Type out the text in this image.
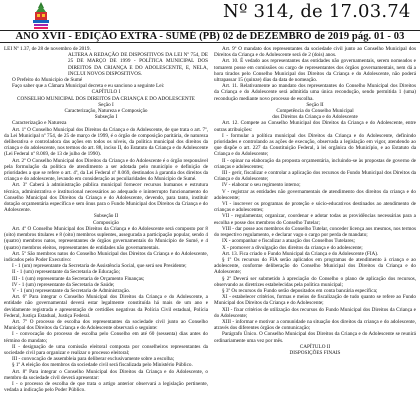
Nº 314, de 17.03.74
ANO XVII - EDIÇÃO EXTRA - SUMÉ (PB) 02 de DEZEMBRO de 2019 pág. 01 - 03

LEI Nº 1.37, de 28 de novembro de 2019.

ALTERA A REDAÇÃO DE DISPOSITIVOS DA LEI Nº 754, DE 25 DE MARÇO DE 1999 - POLÍTICA MUNICIPAL DOS DIREITOS DA CRIANÇA E DO ADOLESCENTE, E, NELA, INCLUI NOVOS DISPOSITIVOS.

O Prefeito do Município de Sumé

Faço saber que a Câmara Municipal decreta e eu sanciono a seguinte Lei:

CAPÍTULO I

CONSELHO MUNICIPAL DOS DIREITOS DA CRIANÇA E DO ADOLESCENTE

Seção I

Caracterização, Natureza e Composição

Subseção I

Caracterização e Natureza

Art. 1º O Conselho Municipal dos Direitos da Criança e do Adolescente, de que trata o art. 7º, da Lei Municipal nº 754, de 25 de março de 1999, é o órgão de composição paritária, de natureza deliberativa e controladora das ações em todos os níveis, da política municipal dos direitos da criança e do adolescente, nos termos do art. 88, inciso II, do Estatuto da Criança e do Adolescente (Lei Federal nº 8.069, de 13 de julho de 1990).

Art. 2º O Conselho Municipal dos Direitos da Criança e do Adolescente é o órgão responsável pela formulação da política de atendimento a ser adotada pelo município e definição de prioridades a que se refere o art. 4º, da Lei Federal nº 8.069, destinados à garantia dos direitos da criança e do adolescente, levando em consideração as peculiaridades do Município de Sumé.

Art. 3º Caberá à administração pública municipal fornecer recursos humanos e estrutura técnica, administrativa e institucional necessários ao adequado e ininterrupto funcionamento do Conselho Municipal dos Direitos da Criança e do Adolescente, devendo, para tanto, instituir dotação orçamentária específica e sem ônus para o Fundo Municipal dos Direitos da Criança e do Adolescente.

Subseção II

Composição

Art. 4º O Conselho Municipal dos Direitos da Criança e do Adolescente será composto por 8 (oito) membros titulares e 8 (oito) membros suplentes, assegurada a participação popular, sendo 4 (quatro) membros natos, representantes de órgãos governamentais do Município de Sumé, e 4 (quatro) membros eleitos, representantes de entidades não governamentais.

Art. 5º São membros natos do Conselho Municipal dos Direitos da Criança e do Adolescente, indicados pelo Poder Executivo:

I - 1 (um) representante da Secretaria de Assistência Social, que será seu Presidente;

II - 1 (um) representante da Secretaria de Educação;

III - 1 (um) representante da Secretaria de Orçamento Finanças;

IV - 1 (um) representante da Secretaria de Saúde;

V - 1 (um) representante da Secretaria de Administração.

Art. 6º Para integrar o Conselho Municipal dos Direitos da Criança e do Adolescente, a entidade não governamental deverá estar legalmente constituída há mais de um ano e devidamente registrada e apresentação de certidões negativas da Polícia Civil estadual, Polícia Federal, Justiça Estadual, Justiça Federal.

Art. 7º O processo de escolha dos representantes da sociedade civil junto ao Conselho Municipal dos Direitos da Criança e do Adolescente observará o seguinte:

I - convocação do processo de escolha pelo Conselho em até 60 (sessenta) dias antes do término do mandato;

II - designação de uma comissão eleitoral composta por conselheiros representantes da sociedade civil para organizar e realizar o processo eleitoral;

III - convocação de assembleia para deliberar exclusivamente sobre a escolha;

§ 1º A eleição dos membros da sociedade civil será fiscalizada pelo Ministério Público.

Art. 8º Para integrar o Conselho Municipal dos Direitos da Criança e do Adolescente, o membro da sociedade civil deverá apresentar:

I - o processo de escolha de que trata o artigo anterior observará a legislação pertinente, vedada a indicação pelo Poder Público.

Art. 9º O mandato dos representantes da sociedade civil junto ao Conselho Municipal dos Direitos da Criança e do Adolescente será de 2 (dois) anos.

Art. 10. É vedado aos representantes das entidades não governamentais, serem nomeados e tomarem posse em comissões ou cargo de representantes dos órgãos governamentais, nem dá a hora tirados pelo Conselho Municipal dos Direitos da Criança e do Adolescente, não poderá ultrapassar 15 (quinze) dias da data de nomeação.

Art. 11. Relativamente ao mandato dos representantes do Conselho Municipal dos Direitos da Criança e do Adolescente será admitida uma única recondução, sendo permitida 1 (uma) recondução mediante novo processo de escolha.

Seção II

Competência do Conselho Municipal

dos Direitos da Criança e do Adolescente

Art. 12. Compete ao Conselho Municipal dos Direitos da Criança e do Adolescente, entre outras atribuições:

I - formular a política municipal dos Direitos da Criança e do Adolescente, definindo prioridades e controlando as ações de execução, observada a legislação em vigor, atendendo ao que dispõe o art. 227 da Constituição Federal, à lei orgânica do Município, e ao Estatuto da Criança e do Adolescente;

II - opinar na elaboração da proposta orçamentária, incluindo-se às propostas de governo de crianças e adolescentes;

III - gerir, fiscalizar e controlar a aplicação dos recursos do Fundo Municipal dos Direitos da Criança e do Adolescente;

IV - elaborar o seu regimento interno;

V - registrar as entidades não governamentais de atendimento dos direitos da criança e do adolescente;

VI - inscrever os programas de proteção e sócio-educativos destinados ao atendimento de crianças e adolescentes;

VII - regulamentar, organizar, coordenar e adotar todas as providências necessárias para a escolha e posse dos membros do Conselho Tutelar;

VIII - dar posse aos membros do Conselho Tutelar, conceder licença aos mesmos, nos termos do respectivo regulamento, e declarar vago o cargo por perda de mandato;

IX - acompanhar e fiscalizar a atuação dos Conselhos Tutelares;

X - promover a divulgação dos direitos da criança e do adolescente;

Art. 13. Fica criado o Fundo Municipal da Criança e do Adolescente (FIA).

§ 1º Os recursos do FIA serão aplicados em programas de atendimento à criança e ao adolescente, conforme deliberação do Conselho Municipal dos Direitos da Criança e do Adolescente;

§ 2º Deverá ser submetido à apreciação do Conselho o plano de aplicação dos recursos, observando as diretrizes estabelecidas pela política municipal;

§ 3º Os recursos do Fundo serão depositados em conta bancária específica;

XI - estabelecer critérios, formas e meios de fiscalização de tudo quanto se refere ao Fundo Municipal dos Direitos da Criança e do Adolescente;

XII - fixar critérios de utilização dos recursos do Fundo Municipal dos Direitos da Criança e do Adolescente;

XIII - informar e motivar a comunidade na situação dos direitos da criança e do adolescente, através dos diferentes órgãos de comunicação;

Parágrafo Único. O Conselho Municipal dos Direitos da Criança e do Adolescente se reunirá ordinariamente uma vez por mês.

CAPÍTULO II

DISPOSIÇÕES FINAIS
